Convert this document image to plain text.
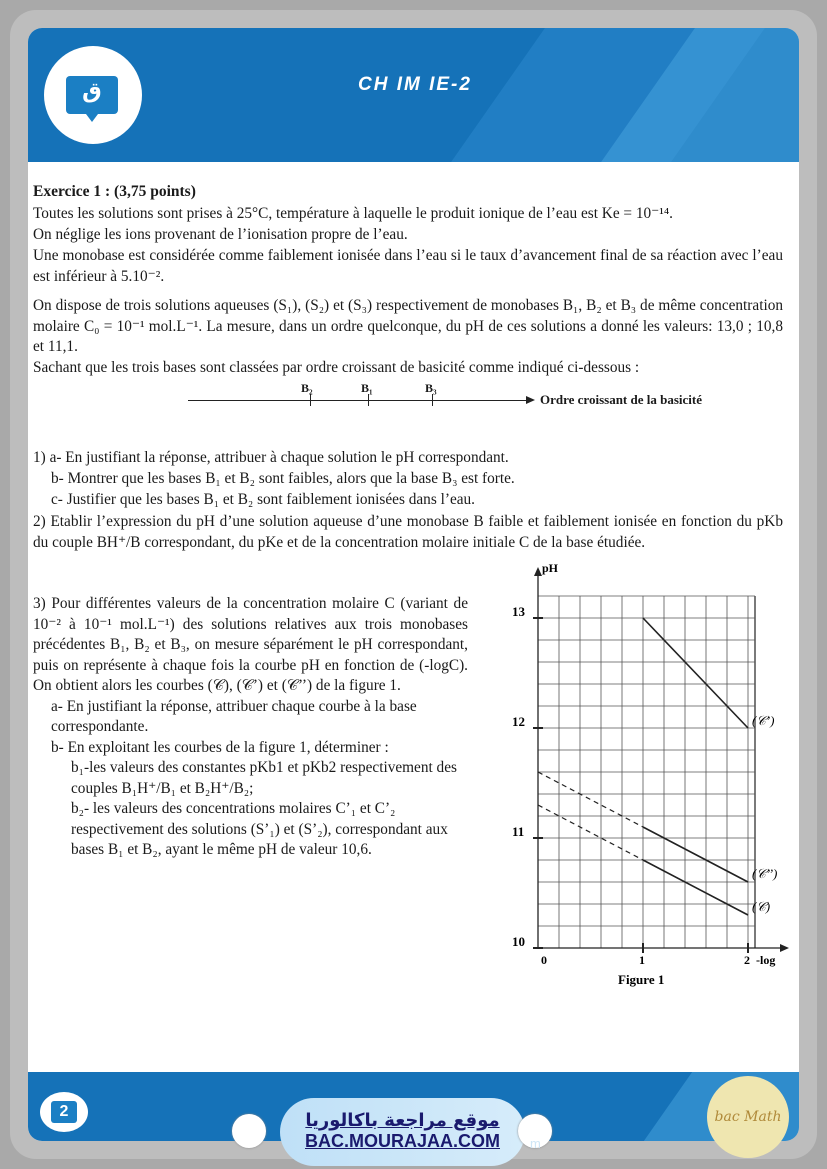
ق	CH IM IE-2

Exercice 1 : (3,75 points)

Toutes les solutions sont prises à 25°C, température à laquelle le produit ionique de l’eau est Ke = 10⁻¹⁴.

On néglige les ions provenant de l’ionisation propre de l’eau.

Une monobase est considérée comme faiblement ionisée dans l’eau si le taux d’avancement final de sa réaction avec l’eau est inférieur à 5.10⁻².

On dispose de trois solutions aqueuses (S₁), (S₂) et (S₃) respectivement de monobases B₁, B₂ et B₃ de même concentration molaire C₀ = 10⁻¹ mol.L⁻¹. La mesure, dans un ordre quelconque, du pH de ces solutions a donné les valeurs: 13,0 ; 10,8 et 11,1.

Sachant que les trois bases sont classées par ordre croissant de basicité comme indiqué ci-dessous :

B₂	B₁	B₃
Ordre croissant de la basicité

1) a- En justifiant la réponse, attribuer à chaque solution le pH correspondant.

b- Montrer que les bases B₁ et B₂ sont faibles, alors que la base B₃ est forte.

c- Justifier que les bases B₁ et B₂ sont faiblement ionisées dans l’eau.

2) Etablir l’expression du pH d’une solution aqueuse d’une monobase B faible et faiblement ionisée en fonction du pKb du couple BH⁺/B correspondant, du pKe et de la concentration molaire initiale C de la base étudiée.

3) Pour différentes valeurs de la concentration molaire C (variant de 10⁻² à 10⁻¹ mol.L⁻¹) des solutions relatives aux trois monobases précédentes B₁, B₂ et B₃, on mesure séparément le pH correspondant, puis on représente à chaque fois la courbe pH en fonction de (-logC). On obtient alors les courbes (𝒞), (𝒞’) et (𝒞’’) de la figure 1.

a- En justifiant la réponse, attribuer chaque courbe à la base correspondante.

b- En exploitant les courbes de la figure 1, déterminer :

b₁-les valeurs des constantes pKb1 et pKb2 respectivement des couples B₁H⁺/B₁ et B₂H⁺/B₂;

b₂- les valeurs des concentrations molaires C’₁ et C’₂ respectivement des solutions (S’₁) et (S’₂), correspondant aux bases B₁ et B₂, ayant le même pH de valeur 10,6.

pH
-log
13
12
11
10
0	1	2
(𝒞’)
(𝒞’’)
(𝒞)
Figure 1
2	موقع مراجعة باكالوريا
BAC.MOURAJAA.COM	m
bac Math
